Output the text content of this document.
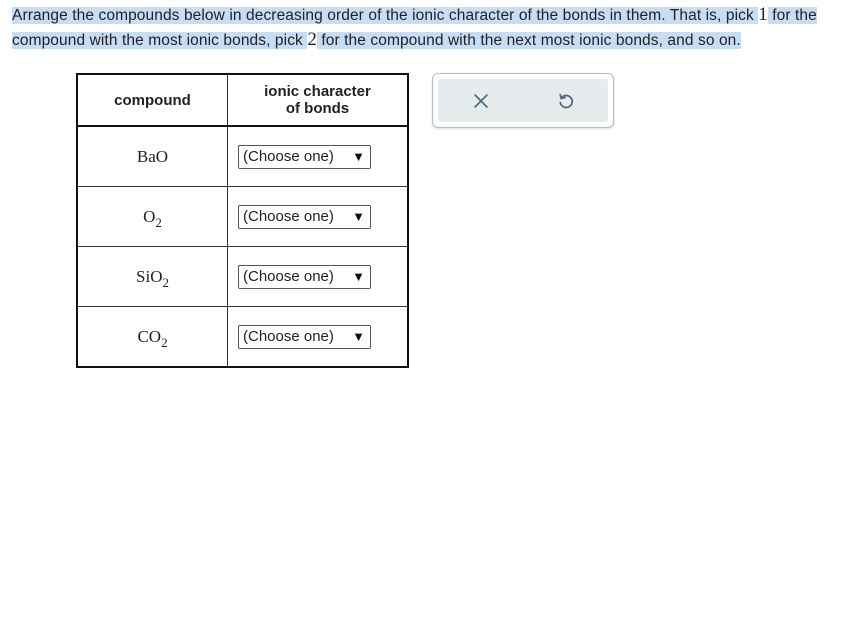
Arrange the compounds below in decreasing order of the ionic character of the bonds in them. That is, pick 1 for the compound with the most ionic bonds, pick 2 for the compound with the next most ionic bonds, and so on.
compound	ionic character
of bonds
BaO	(Choose one) ▼

$O_2$	(Choose one) ▼

SiO$_2$	(Choose one) ▼

$CO_2$	(Choose one) ▼
